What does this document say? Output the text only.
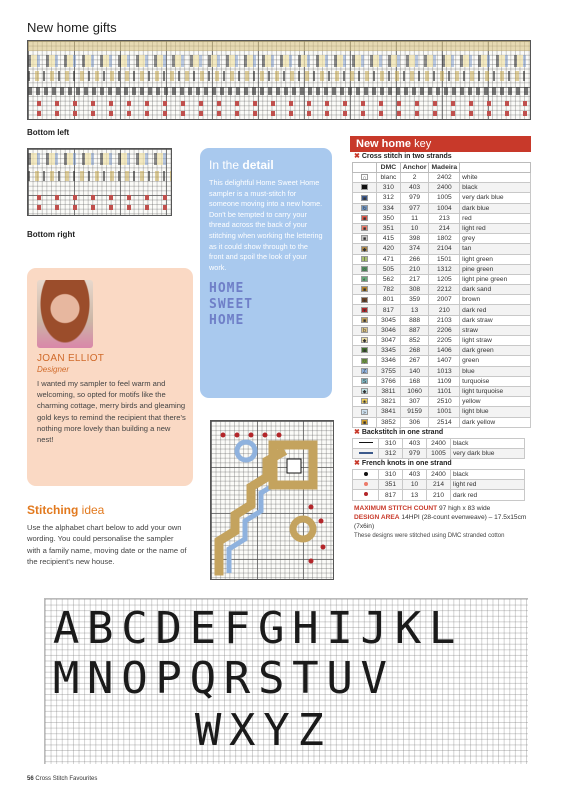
New home gifts
Bottom left
Bottom right
In the detail

This delightful Home Sweet Home sampler is a must-stitch for someone moving into a new home. Don't be tempted to carry your thread across the back of your stitching when working the lettering as it could show through to the front and spoil the look of your work.

HOME
SWEET
HOME
JOAN ELLIOT
Designer
I wanted my sampler to feel warm and welcoming, so opted for motifs like the charming cottage, merry birds and gleaming gold keys to remind the recipient that there's nothing more lovely than building a new nest!
Stitching idea
Use the alphabet chart below to add your own wording. You could personalise the sampler with a family name, moving date or the name of the recipient's new house.
New home key
✖ Cross stitch in two strands
	DMC	Anchor	Madeira	
∩	blanc	2	2402	white
	310	403	2400	black
■	312	979	1005	very dark blue
↻	334	977	1004	dark blue
■	350	11	213	red
■	351	10	214	light red
■	415	398	1802	grey
◆	420	374	2104	tan
I	471	266	1501	light green
○	505	210	1312	pine green
◐	562	217	1205	light pine green
■	782	308	2212	dark sand
●	801	359	2007	brown
♥	817	13	210	dark red
■	3045	888	2103	dark straw
b	3046	887	2206	straw
◆	3047	852	2205	light straw
■	3345	268	1406	dark green
▽	3346	267	1407	green
Z	3755	140	1013	blue
S	3766	168	1109	turquoise
◆	3811	1060	1101	light turquoise
◈	3821	307	2510	yellow
»	3841	9159	1001	light blue
■	3852	306	2514	dark yellow
✖ Backstitch in one strand
	310	403	2400	black
	312	979	1005	very dark blue
✖ French knots in one strand
	310	403	2400	black
	351	10	214	light red
	817	13	210	dark red
MAXIMUM STITCH COUNT 97 high x 83 wide
DESIGN AREA 14HPI (28-count evenweave) – 17.5x15cm (7x6in)
These designs were stitched using DMC stranded cotton
A B C D E F G H I J K L
M N O P Q R S T U V
W X Y Z
56 Cross Stitch Favourites
